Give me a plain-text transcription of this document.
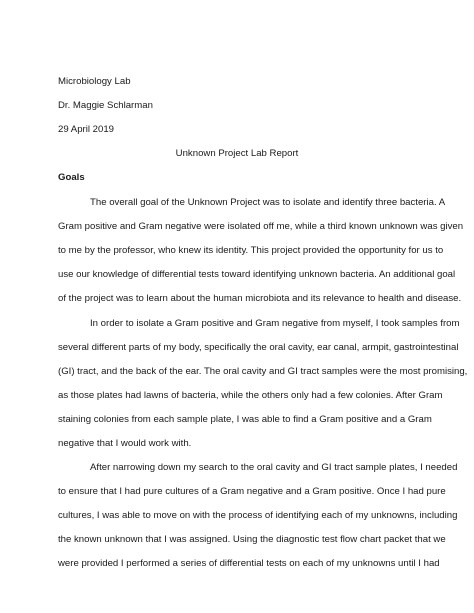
Microbiology Lab
Dr. Maggie Schlarman
29 April 2019
Unknown Project Lab Report
Goals
The overall goal of the Unknown Project was to isolate and identify three bacteria. A
Gram positive and Gram negative were isolated off me, while a third known unknown was given
to me by the professor, who knew its identity. This project provided the opportunity for us to
use our knowledge of differential tests toward identifying unknown bacteria. An additional goal
of the project was to learn about the human microbiota and its relevance to health and disease.
In order to isolate a Gram positive and Gram negative from myself, I took samples from
several different parts of my body, specifically the oral cavity, ear canal, armpit, gastrointestinal
(GI) tract, and the back of the ear. The oral cavity and GI tract samples were the most promising,
as those plates had lawns of bacteria, while the others only had a few colonies. After Gram
staining colonies from each sample plate, I was able to find a Gram positive and a Gram
negative that I would work with.
After narrowing down my search to the oral cavity and GI tract sample plates, I needed
to ensure that I had pure cultures of a Gram negative and a Gram positive. Once I had pure
cultures, I was able to move on with the process of identifying each of my unknowns, including
the known unknown that I was assigned. Using the diagnostic test flow chart packet that we
were provided I performed a series of differential tests on each of my unknowns until I had
